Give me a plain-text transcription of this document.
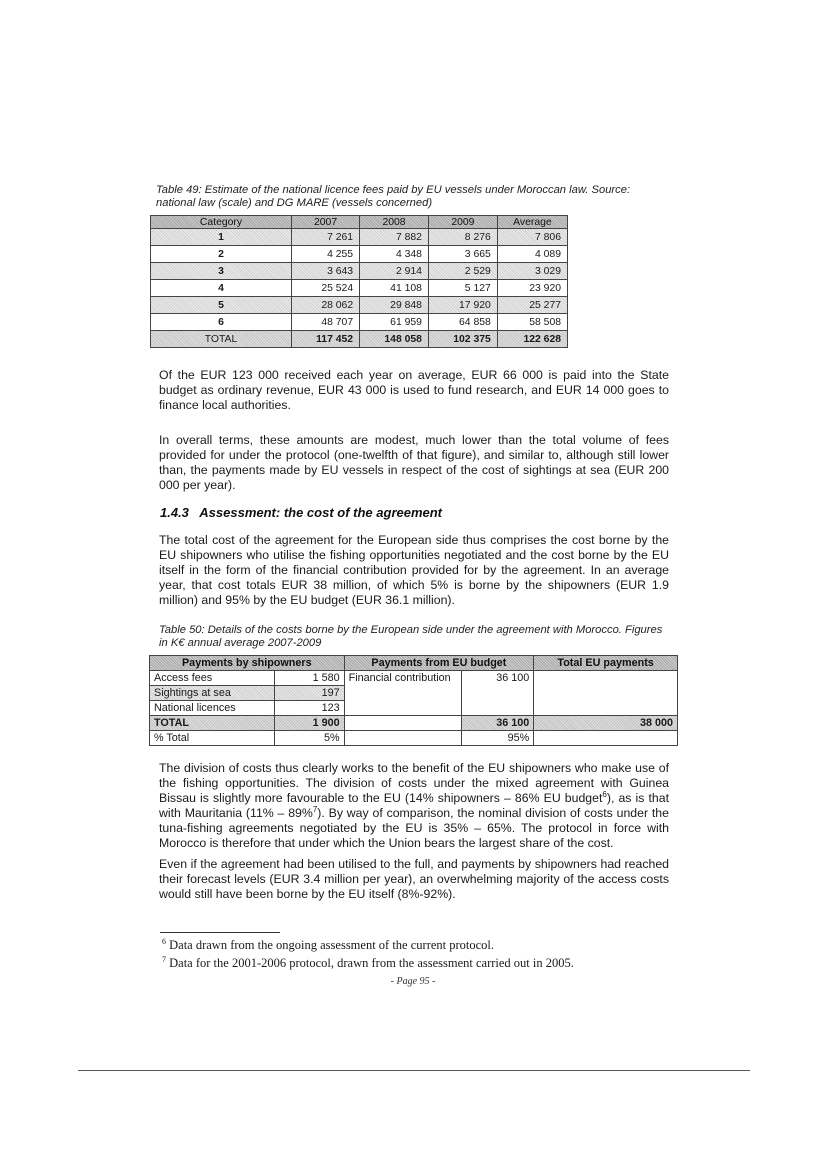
Table 49: Estimate of the national licence fees paid by EU vessels under Moroccan law. Source: national law (scale) and DG MARE (vessels concerned)
Category	2007	2008	2009	Average
1	7 261	7 882	8 276	7 806
2	4 255	4 348	3 665	4 089
3	3 643	2 914	2 529	3 029
4	25 524	41 108	5 127	23 920
5	28 062	29 848	17 920	25 277
6	48 707	61 959	64 858	58 508
TOTAL	117 452	148 058	102 375	122 628
Of the EUR 123 000 received each year on average, EUR 66 000 is paid into the State budget as ordinary revenue, EUR 43 000 is used to fund research, and EUR 14 000 goes to finance local authorities.
In overall terms, these amounts are modest, much lower than the total volume of fees provided for under the protocol (one-twelfth of that figure), and similar to, although still lower than, the payments made by EU vessels in respect of the cost of sightings at sea (EUR 200 000 per year).
1.4.3 Assessment: the cost of the agreement
The total cost of the agreement for the European side thus comprises the cost borne by the EU shipowners who utilise the fishing opportunities negotiated and the cost borne by the EU itself in the form of the financial contribution provided for by the agreement. In an average year, that cost totals EUR 38 million, of which 5% is borne by the shipowners (EUR 1.9 million) and 95% by the EU budget (EUR 36.1 million).
Table 50: Details of the costs borne by the European side under the agreement with Morocco. Figures in K€ annual average 2007-2009
Payments by shipowners		Payments from EU budget		Total EU payments
Access fees	1 580	Financial contribution	36 100	
Sightings at sea	197			
National licences	123			
TOTAL	1 900		36 100	38 000
% Total	5%		95%	
The division of costs thus clearly works to the benefit of the EU shipowners who make use of the fishing opportunities. The division of costs under the mixed agreement with Guinea Bissau is slightly more favourable to the EU (14% shipowners – 86% EU budget$^6$), as is that with Mauritania (11% – 89%$^7$). By way of comparison, the nominal division of costs under the tuna-fishing agreements negotiated by the EU is 35% – 65%. The protocol in force with Morocco is therefore that under which the Union bears the largest share of the cost.
Even if the agreement had been utilised to the full, and payments by shipowners had reached their forecast levels (EUR 3.4 million per year), an overwhelming majority of the access costs would still have been borne by the EU itself (8%-92%).
$^6$ Data drawn from the ongoing assessment of the current protocol.
$^7$ Data for the 2001-2006 protocol, drawn from the assessment carried out in 2005.
- Page 95 -
